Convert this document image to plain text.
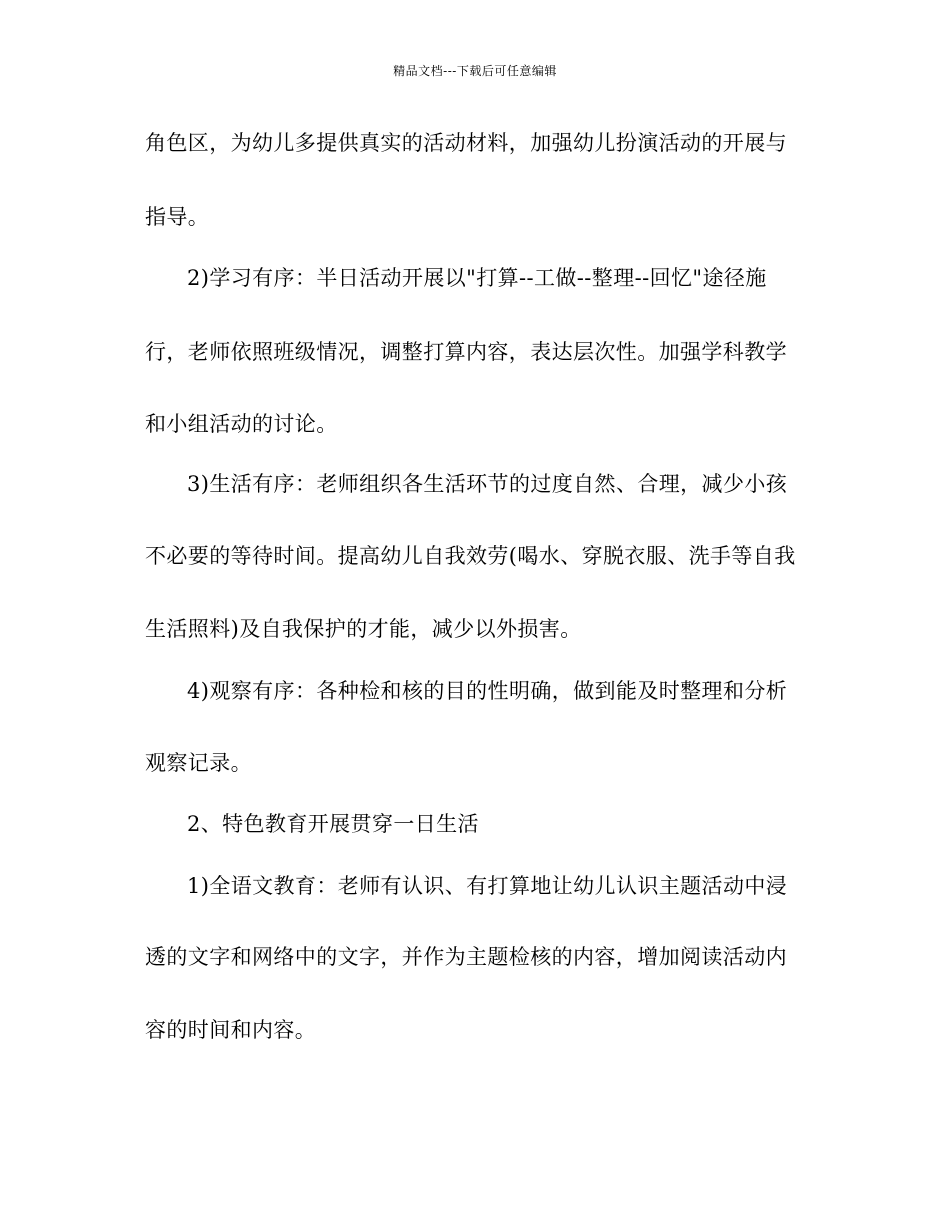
精品文档---下载后可任意编辑
角色区，为幼儿多提供真实的活动材料，加强幼儿扮演活动的开展与
指导。
2)学习有序：半日活动开展以"打算--工做--整理--回忆"途径施
行，老师依照班级情况，调整打算内容，表达层次性。加强学科教学
和小组活动的讨论。
3)生活有序：老师组织各生活环节的过度自然、合理，减少小孩
不必要的等待时间。提高幼儿自我效劳(喝水、穿脱衣服、洗手等自我
生活照料)及自我保护的才能，减少以外损害。
4)观察有序：各种检和核的目的性明确，做到能及时整理和分析
观察记录。
2、特色教育开展贯穿一日生活
1)全语文教育：老师有认识、有打算地让幼儿认识主题活动中浸
透的文字和网络中的文字，并作为主题检核的内容，增加阅读活动内
容的时间和内容。
